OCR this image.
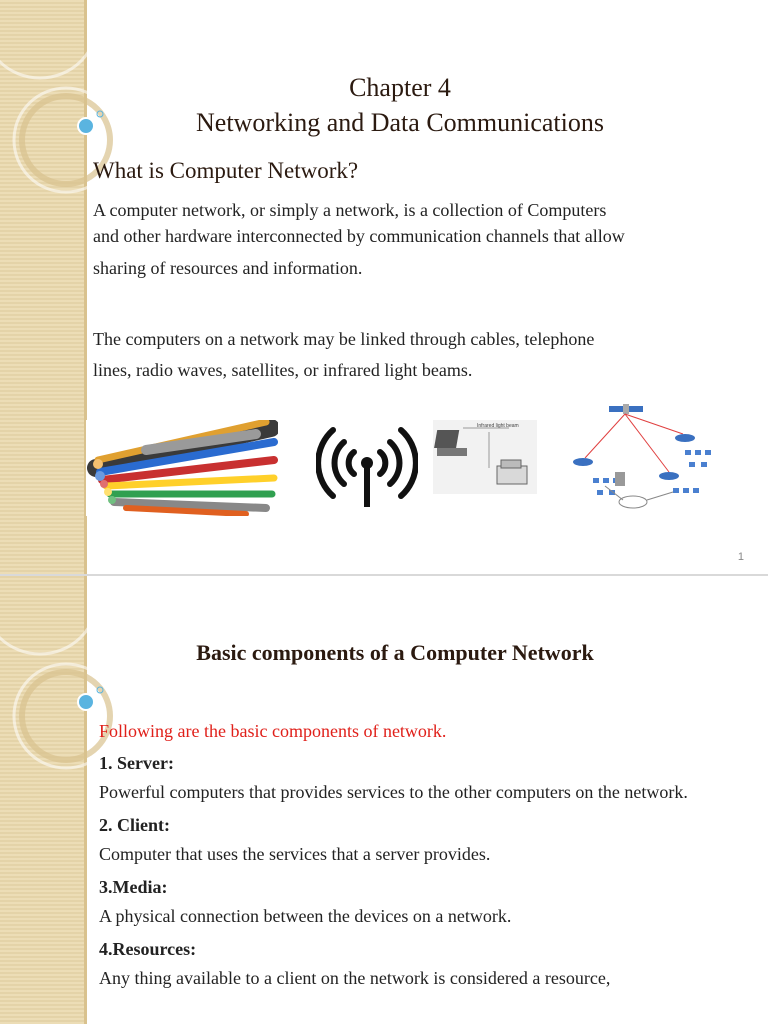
Chapter 4
Networking and Data Communications
What is Computer Network?
A computer network, or simply a network, is a collection of Computers
and other hardware interconnected by communication channels that allow
sharing of resources and information.
The computers on a network may be linked through cables, telephone
lines, radio waves, satellites, or infrared light beams.
Infrared light beam
1
Basic components of a Computer Network
Following are the basic components of network.
1. Server:
Powerful computers that provides services to the other computers on the network.
2. Client:
Computer that uses the services that a server provides.
3.Media:
A physical connection between the devices on a network.
4.Resources:
Any thing available to a client on the network is considered a resource,
